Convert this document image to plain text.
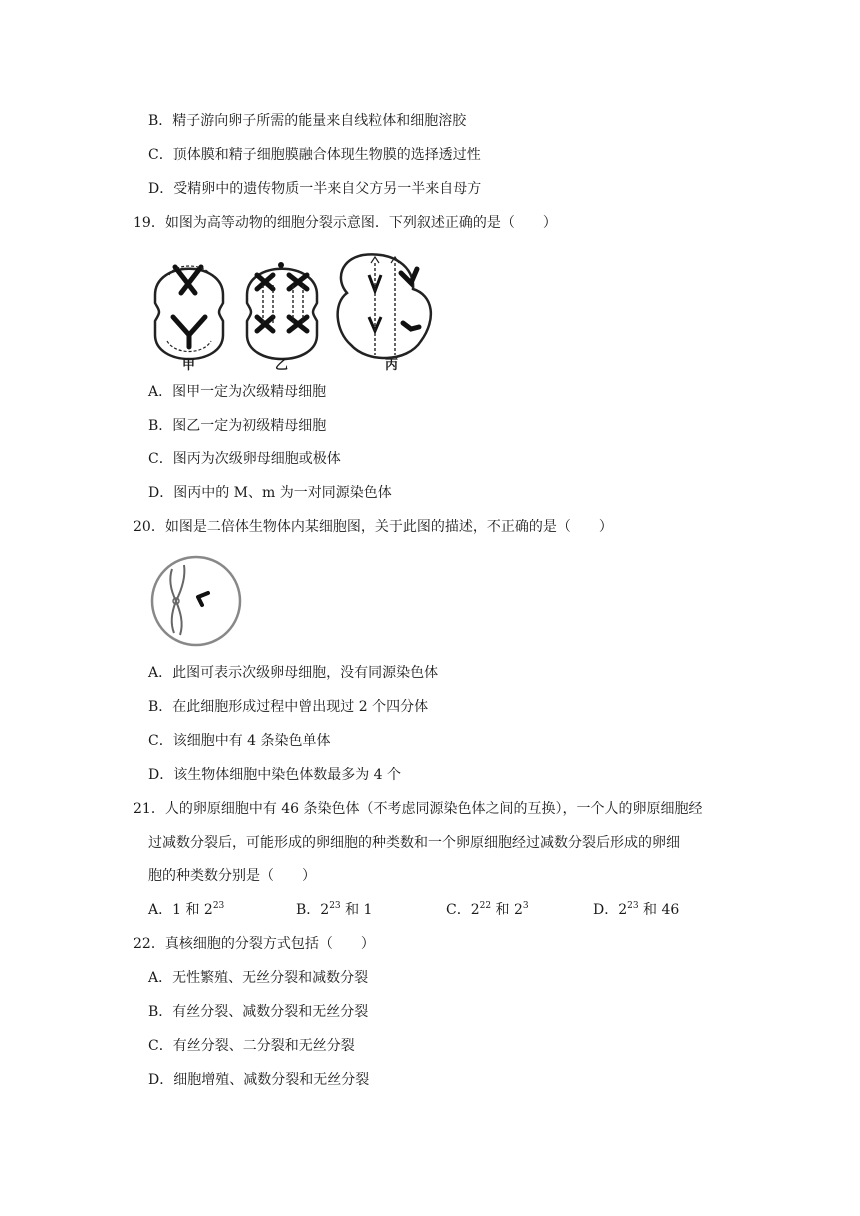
B．精子游向卵子所需的能量来自线粒体和细胞溶胶
C．顶体膜和精子细胞膜融合体现生物膜的选择透过性
D．受精卵中的遗传物质一半来自父方另一半来自母方
19．如图为高等动物的细胞分裂示意图．下列叙述正确的是（　　）
甲	乙	丙
A．图甲一定为次级精母细胞
B．图乙一定为初级精母细胞
C．图丙为次级卵母细胞或极体
D．图丙中的 M、m 为一对同源染色体
20．如图是二倍体生物体内某细胞图，关于此图的描述，不正确的是（　　）
A．此图可表示次级卵母细胞，没有同源染色体
B．在此细胞形成过程中曾出现过 2 个四分体
C．该细胞中有 4 条染色单体
D．该生物体细胞中染色体数最多为 4 个
21．人的卵原细胞中有 46 条染色体（不考虑同源染色体之间的互换），一个人的卵原细胞经
过减数分裂后，可能形成的卵细胞的种类数和一个卵原细胞经过减数分裂后形成的卵细
胞的种类数分别是（　　）
A．1 和 $2^{23}$	B．$2^{23}$ 和 1	C．$2^{22}$ 和 $2^3$	D．$2^{23}$ 和 46
22．真核细胞的分裂方式包括（　　）
A．无性繁殖、无丝分裂和减数分裂
B．有丝分裂、减数分裂和无丝分裂
C．有丝分裂、二分裂和无丝分裂
D．细胞增殖、减数分裂和无丝分裂
